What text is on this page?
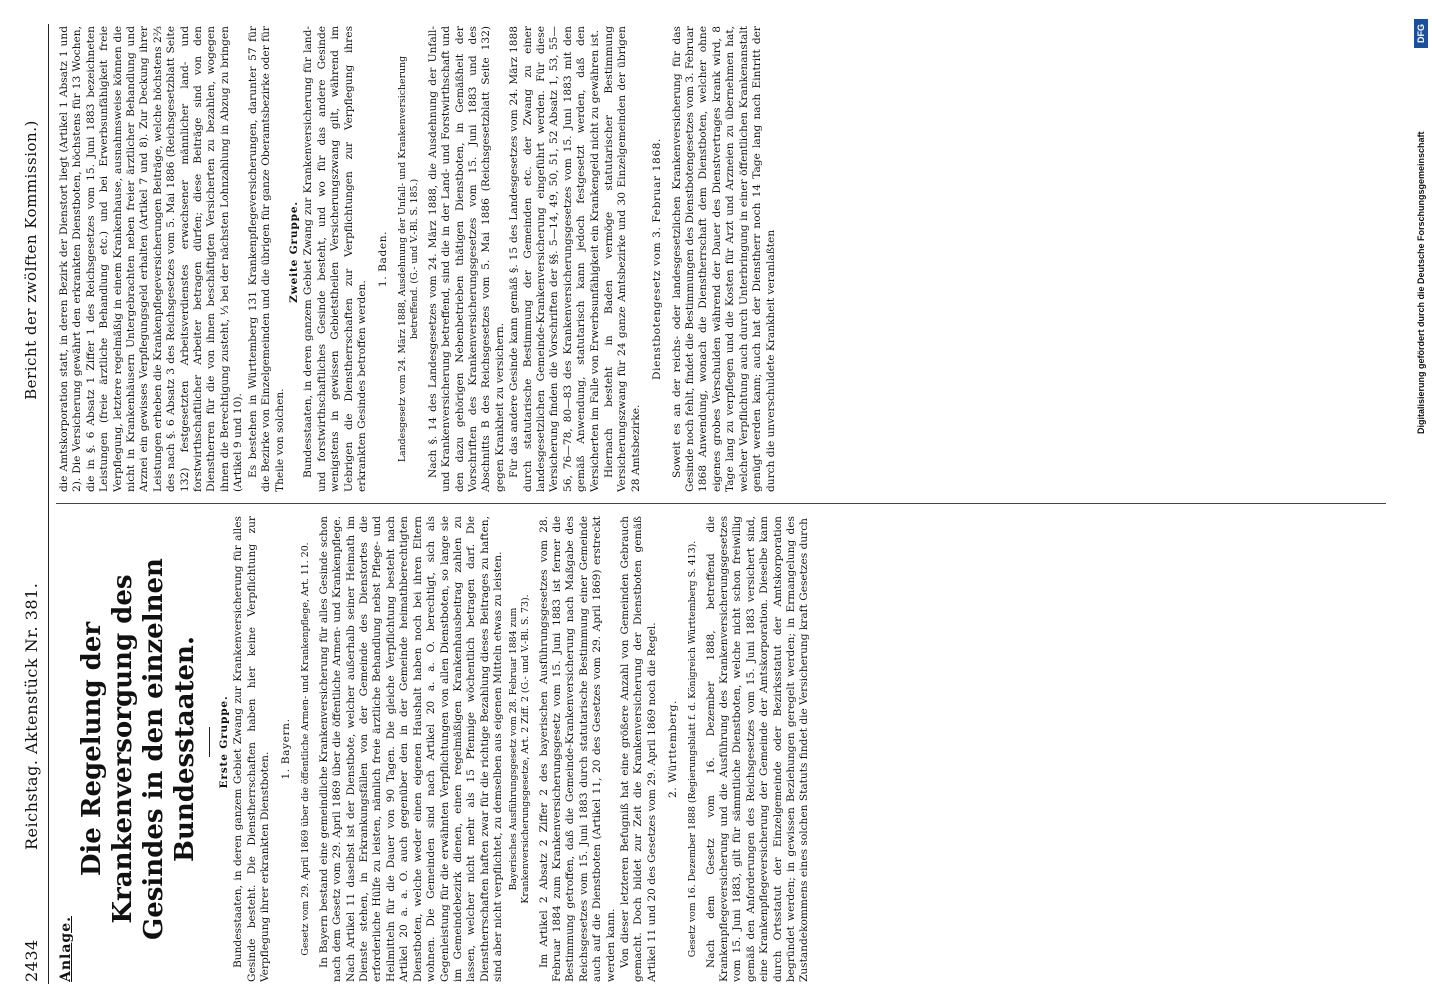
2434
Reichstag. Aktenstück Nr. 381.
Bericht der zwölften Kommission.)

Anlage.

Die Regelung der Krankenversorgung des Gesindes in den einzelnen Bundesstaaten. Erste Gruppe. Bundesstaaten, in deren ganzem Gebiet Zwang zur Krankenversicherung für alles Gesinde besteht. Die Dienstherrschaften haben hier keine Verpflichtung zur Verpflegung ihrer erkrankten Dienstboten.

1. Bayern. Gesetz vom 29. April 1869 über die öffentliche Armen- und Krankenpflege, Art. 11. 20. In Bayern bestand eine gemeindliche Krankenversicherung für alles Gesinde schon nach dem Gesetz vom 29. April 1869 über die öffentliche Armen- und Krankenpflege. Nach Artikel 11 daselbst ist der Dienstbote, welcher außerhalb seiner Heimath im Dienste stehen, in Erkrankungsfällen von der Gemeinde des Dienstortes die erforderliche Hülfe zu leisten, nämlich freie ärztliche Behandlung nebst Pflege- und Heilmitteln für die Dauer von 90 Tagen. Die gleiche Verpflichtung besteht nach Artikel 20 a. a. O. auch gegenüber den in der Gemeinde heimathberechtigten Dienstboten, welche weder einen eigenen Haushalt haben noch bei ihren Eltern wohnen. Die Gemeinden sind nach Artikel 20 a. a. O. berechtigt, sich als Gegenleistung für die erwähnten Verpflichtungen von allen Dienstboten, so lange sie im Gemeindebezirk dienen, einen regelmäßigen Krankenhausbeitrag zahlen zu lassen, welcher nicht mehr als 15 Pfennige wöchentlich betragen darf. Die Dienstherrschaften haften zwar für die richtige Bezahlung dieses Beitrages zu haften, sind aber nicht verpflichtet, zu demselben aus eigenen Mitteln etwas zu leisten. Bayerisches Ausführungsgesetz vom 28. Februar 1884 zum Krankenversicherungsgesetze, Art. 2 Ziff. 2 (G.- und V.-Bl. S. 73). Im Artikel 2 Absatz 2 Ziffer 2 des bayerischen Ausführungsgesetzes vom 28. Februar 1884 zum Krankenversicherungsgesetz vom 15. Juni 1883 ist ferner die Bestimmung getroffen, daß die Gemeinde-Krankenversicherung nach Maßgabe des Reichsgesetzes vom 15. Juni 1883 durch statutarische Bestimmung einer Gemeinde auch auf die Dienstboten (Artikel 11, 20 des Gesetzes vom 29. April 1869) erstreckt werden kann. Von dieser letzteren Befugniß hat eine größere Anzahl von Gemeinden Gebrauch gemacht. Doch bildet zur Zeit die Krankenversicherung der Dienstboten gemäß Artikel 11 und 20 des Gesetzes vom 29. April 1869 noch die Regel. 2. Württemberg. Gesetz vom 16. Dezember 1888 (Regierungsblatt f. d. Königreich Württemberg S. 413). Nach dem Gesetz vom 16. Dezember 1888, betreffend die Krankenpflegeversicherung und die Ausführung des Krankenversicherungsgesetzes vom 15. Juni 1883, gilt für sämmtliche Dienstboten, welche nicht schon freiwillig gemäß den Anforderungen des Reichsgesetzes vom 15. Juni 1883 versichert sind, eine Krankenpflegeversicherung der Gemeinde der Amtskorporation. Dieselbe kann durch Ortsstatut der Einzelgemeinde oder Bezirksstatut der Amtskorporation begründet werden; in gewissen Beziehungen geregelt werden; in Ermangelung des Zustandekommens eines solchen Statuts findet die Versicherung kraft Gesetzes durch

die Amtskorporation statt, in deren Bezirk der Dienstort liegt (Artikel 1 Absatz 1 und 2). Die Versicherung gewährt den erkrankten Dienstboten, höchstens für 13 Wochen, die in §. 6 Absatz 1 Ziffer 1 des Reichsgesetzes vom 15. Juni 1883 bezeichneten Leistungen (freie ärztliche Behandlung etc.) und bei Erwerbsunfähigkeit freie Verpflegung, letztere regelmäßig in einem Krankenhause, ausnahmsweise können die nicht in Krankenhäusern Untergebrachten neben freier ärztlicher Behandlung und Arznei ein gewisses Verpflegungsgeld erhalten (Artikel 7 und 8). Zur Deckung ihrer Leistungen erheben die Krankenpflegeversicherungen Beiträge, welche höchstens 2⅔ des nach §. 6 Absatz 3 des Reichsgesetzes vom 5. Mai 1886 (Reichsgesetzblatt Seite 132) festgesetzten Arbeitsverdienstes erwachsener männlicher land- und forstwirthschaftlicher Arbeiter betragen dürfen; diese Beiträge sind von den Dienstherren für die von ihnen beschäftigten Versicherten zu bezahlen, wogegen ihnen die Berechtigung zusteht, ⅓ bei der nächsten Lohnzahlung in Abzug zu bringen (Artikel 9 und 10). Es bestehen in Württemberg 131 Krankenpflegeversicherungen, darunter 57 für die Bezirke von Einzelgemeinden und die übrigen für ganze Oberamtsbezirke oder für Theile von solchen.

Zweite Gruppe. Bundesstaaten, in deren ganzem Gebiet Zwang zur Krankenversicherung für land- und forstwirthschaftliches Gesinde besteht, und wo für das andere Gesinde wenigstens in gewissen Gebietstheilen Versicherungszwang gilt, während im Uebrigen die Dienstherrschaften zur Verpflichtungen zur Verpflegung ihres erkrankten Gesindes betroffen werden.

1. Baden. Landesgesetz vom 24. März 1888, Ausdehnung der Unfall- und Krankenversicherung betreffend. (G.- und V.-Bl. S. 185.) Nach §. 14 des Landesgesetzes vom 24. März 1888, die Ausdehnung der Unfall- und Krankenversicherung betreffend, sind die in der Land- und Forstwirthschaft und den dazu gehörigen Nebenbetrieben thätigen Dienstboten, in Gemäßheit der Vorschriften des Krankenversicherungsgesetzes vom 15. Juni 1883 und des Abschnitts B des Reichsgesetzes vom 5. Mai 1886 (Reichsgesetzblatt Seite 132) gegen Krankheit zu versichern. Für das andere Gesinde kann gemäß §. 15 des Landesgesetzes vom 24. März 1888 durch statutarische Bestimmung der Gemeinden etc. der Zwang zu einer landesgesetzlichen Gemeinde-Krankenversicherung eingeführt werden. Für diese Versicherung finden die Vorschriften der §§. 5—14, 49, 50, 51, 52 Absatz 1, 53, 55—56, 76—78, 80—83 des Krankenversicherungsgesetzes vom 15. Juni 1883 mit den gemäß Anwendung, statutarisch kann jedoch festgesetzt werden, daß den Versicherten im Falle von Erwerbsunfähigkeit ein Krankengeld nicht zu gewähren ist. Hiernach besteht in Baden vermöge statutarischer Bestimmung Versicherungszwang für 24 ganze Amtsbezirke und 30 Einzelgemeinden der übrigen 28 Amtsbezirke.

Dienstbotengesetz vom 3. Februar 1868. Soweit es an der reichs- oder landesgesetzlichen Krankenversicherung für das Gesinde noch fehlt, findet die Bestimmungen des Dienstbotengesetzes vom 3. Februar 1868 Anwendung, wonach die Dienstherrschaft dem Dienstboten, welcher ohne eigenes grobes Verschulden während der Dauer des Dienstvertrages krank wird, 8 Tage lang zu verpflegen und die Kosten für Arzt und Arzneien zu übernehmen hat, welcher Verpflichtung auch durch Unterbringung in einer öffentlichen Krankenanstalt genügt werden kann; auch hat der Dienstherr noch 14 Tage lang nach Eintritt der durch die unverschuldete Krankheit veranlaßten	Digitalisierung gefördert durch die Deutsche Forschungsgemeinschaft
DFG
